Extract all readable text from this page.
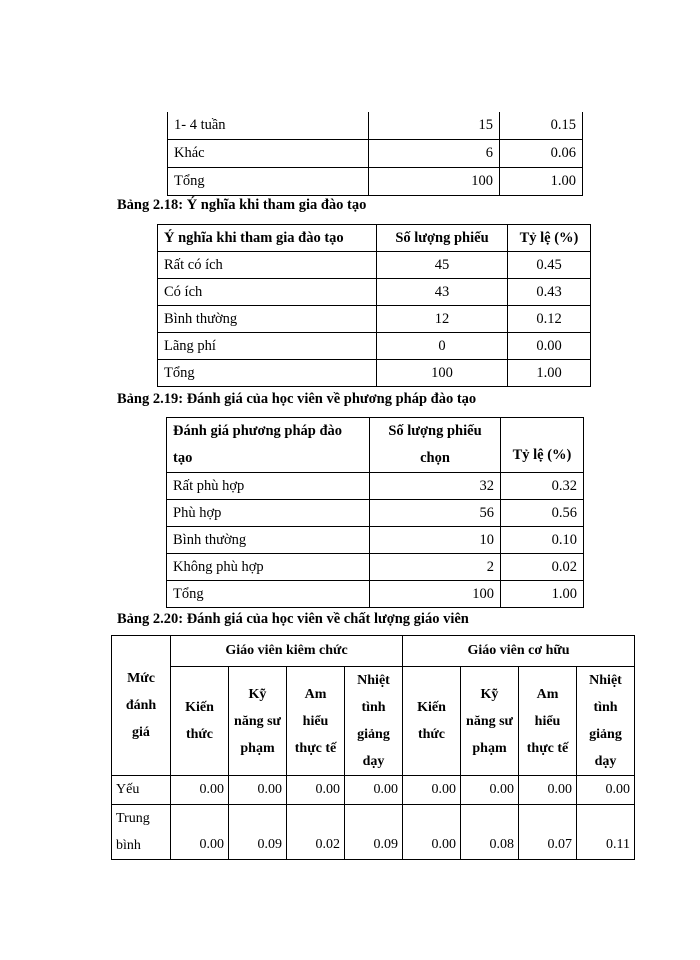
1- 4 tuần	15	0.15
Khác	6	0.06
Tổng	100	1.00
Bảng 2.18: Ý nghĩa khi tham gia đào tạo
Ý nghĩa khi tham gia đào tạo	Số lượng phiếu	Tỷ lệ (%)
Rất có ích	45	0.45
Có ích	43	0.43
Bình thường	12	0.12
Lãng phí	0	0.00
Tổng	100	1.00
Bảng 2.19: Đánh giá của học viên về phương pháp đào tạo
Đánh giá phương pháp đào tạo	Số lượng phiếu chọn	Tỷ lệ (%)
Rất phù hợp	32	0.32
Phù hợp	56	0.56
Bình thường	10	0.10
Không phù hợp	2	0.02
Tổng	100	1.00
Bảng 2.20: Đánh giá của học viên về chất lượng giáo viên
Mức đánh giá	Giáo viên kiêm chức				Giáo viên cơ hữu			
	Kiến thức	Kỹ năng sư phạm	Am hiểu thực tế	Nhiệt tình giảng dạy	Kiến thức	Kỹ năng sư phạm	Am hiểu thực tế	Nhiệt tình giảng dạy
Yếu	0.00	0.00	0.00	0.00	0.00	0.00	0.00	0.00
Trung bình	0.00	0.09	0.02	0.09	0.00	0.08	0.07	0.11
